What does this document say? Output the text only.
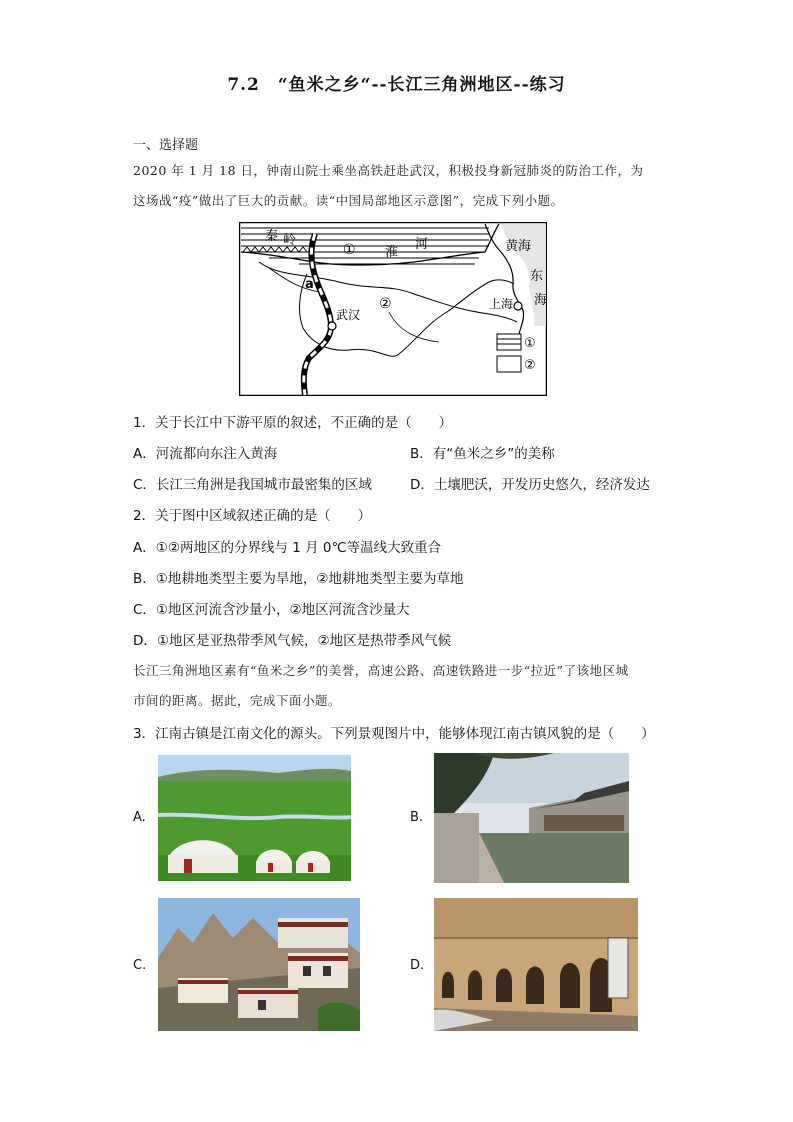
7.2　“鱼米之乡“--长江三角洲地区--练习
一、选择题
2020 年 1 月 18 日，钟南山院士乘坐高铁赶赴武汉，积极投身新冠肺炎的防治工作，为
这场战“疫”做出了巨大的贡献。读“中国局部地区示意图”，完成下列小题。
秦 岭
① 淮
河	黄海
东
海
a
②
武汉
上海
①
②
1．关于长江中下游平原的叙述，不正确的是（　　）
A．河流都向东注入黄海	B．有“鱼米之乡”的美称
C．长江三角洲是我国城市最密集的区域	D．土壤肥沃，开发历史悠久，经济发达
2．关于图中区域叙述正确的是（　　）
A．①②两地区的分界线与 1 月 0℃等温线大致重合
B．①地耕地类型主要为旱地，②地耕地类型主要为草地
C．①地区河流含沙量小，②地区河流含沙量大
D．①地区是亚热带季风气候，②地区是热带季风气候
长江三角洲地区素有“鱼米之乡”的美誉，高速公路、高速铁路进一步“拉近”了该地区城
市间的距离。据此，完成下面小题。
3．江南古镇是江南文化的源头。下列景观图片中，能够体现江南古镇风貌的是（　　）
A.	B.
C.	D.
